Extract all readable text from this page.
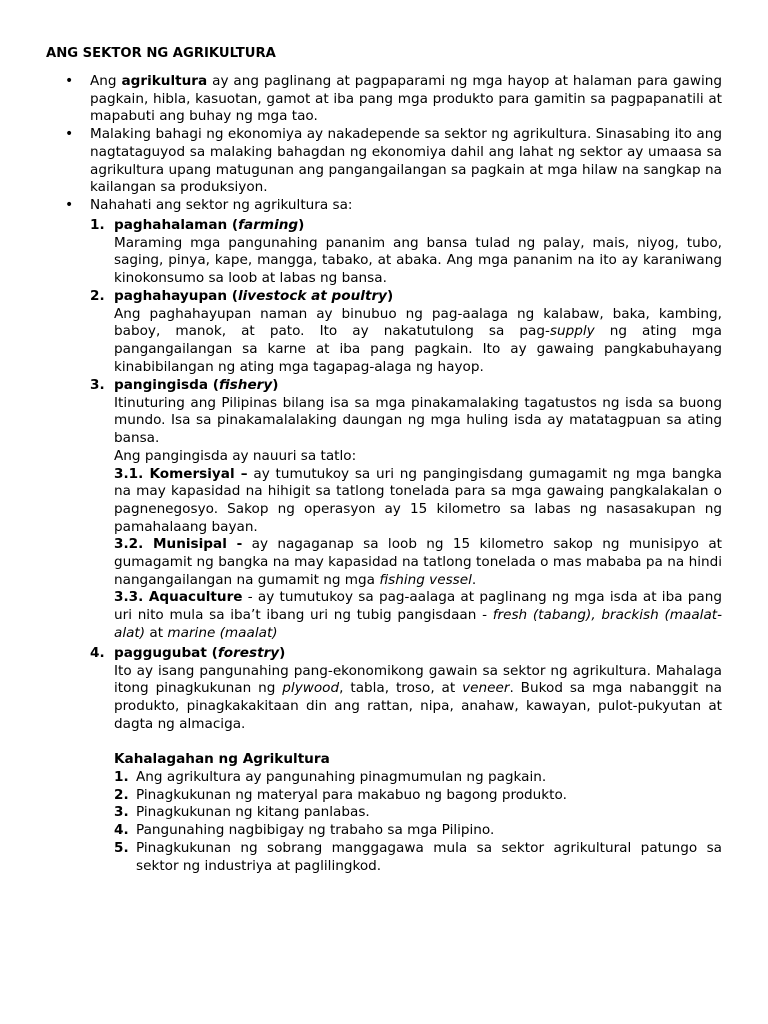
ANG SEKTOR NG AGRIKULTURA
• Ang agrikultura ay ang paglinang at pagpaparami ng mga hayop at halaman para gawing pagkain, hibla, kasuotan, gamot at iba pang mga produkto para gamitin sa pagpapanatili at mapabuti ang buhay ng mga tao.
• Malaking bahagi ng ekonomiya ay nakadepende sa sektor ng agrikultura. Sinasabing ito ang nagtataguyod sa malaking bahagdan ng ekonomiya dahil ang lahat ng sektor ay umaasa sa agrikultura upang matugunan ang pangangailangan sa pagkain at mga hilaw na sangkap na kailangan sa produksiyon.
• Nahahati ang sektor ng agrikultura sa:
1. paghahalaman (farming)
Maraming mga pangunahing pananim ang bansa tulad ng palay, mais, niyog, tubo, saging, pinya, kape, mangga, tabako, at abaka. Ang mga pananim na ito ay karaniwang kinokonsumo sa loob at labas ng bansa.
2. paghahayupan (livestock at poultry)
Ang paghahayupan naman ay binubuo ng pag-aalaga ng kalabaw, baka, kambing, baboy, manok, at pato. Ito ay nakatutulong sa pag-supply ng ating mga pangangailangan sa karne at iba pang pagkain. Ito ay gawaing pangkabuhayang kinabibilangan ng ating mga tagapag-alaga ng hayop.
3. pangingisda (fishery)
Itinuturing ang Pilipinas bilang isa sa mga pinakamalaking tagatustos ng isda sa buong mundo. Isa sa pinakamalalaking daungan ng mga huling isda ay matatagpuan sa ating bansa.
Ang pangingisda ay nauuri sa tatlo:
3.1. Komersiyal – ay tumutukoy sa uri ng pangingisdang gumagamit ng mga bangka na may kapasidad na hihigit sa tatlong tonelada para sa mga gawaing pangkalakalan o pagnenegosyo. Sakop ng operasyon ay 15 kilometro sa labas ng nasasakupan ng pamahalaang bayan.
3.2. Munisipal - ay nagaganap sa loob ng 15 kilometro sakop ng munisipyo at gumagamit ng bangka na may kapasidad na tatlong tonelada o mas mababa pa na hindi nangangailangan na gumamit ng mga fishing vessel.
3.3. Aquaculture - ay tumutukoy sa pag-aalaga at paglinang ng mga isda at iba pang uri nito mula sa iba’t ibang uri ng tubig pangisdaan - fresh (tabang), brackish (maalat-alat) at marine (maalat)
4. paggugubat (forestry)
Ito ay isang pangunahing pang-ekonomikong gawain sa sektor ng agrikultura. Mahalaga itong pinagkukunan ng plywood, tabla, troso, at veneer. Bukod sa mga nabanggit na produkto, pinagkakakitaan din ang rattan, nipa, anahaw, kawayan, pulot-pukyutan at dagta ng almaciga.
Kahalagahan ng Agrikultura
1. Ang agrikultura ay pangunahing pinagmumulan ng pagkain.
2. Pinagkukunan ng materyal para makabuo ng bagong produkto.
3. Pinagkukunan ng kitang panlabas.
4. Pangunahing nagbibigay ng trabaho sa mga Pilipino.
5. Pinagkukunan ng sobrang manggagawa mula sa sektor agrikultural patungo sa sektor ng industriya at paglilingkod.
